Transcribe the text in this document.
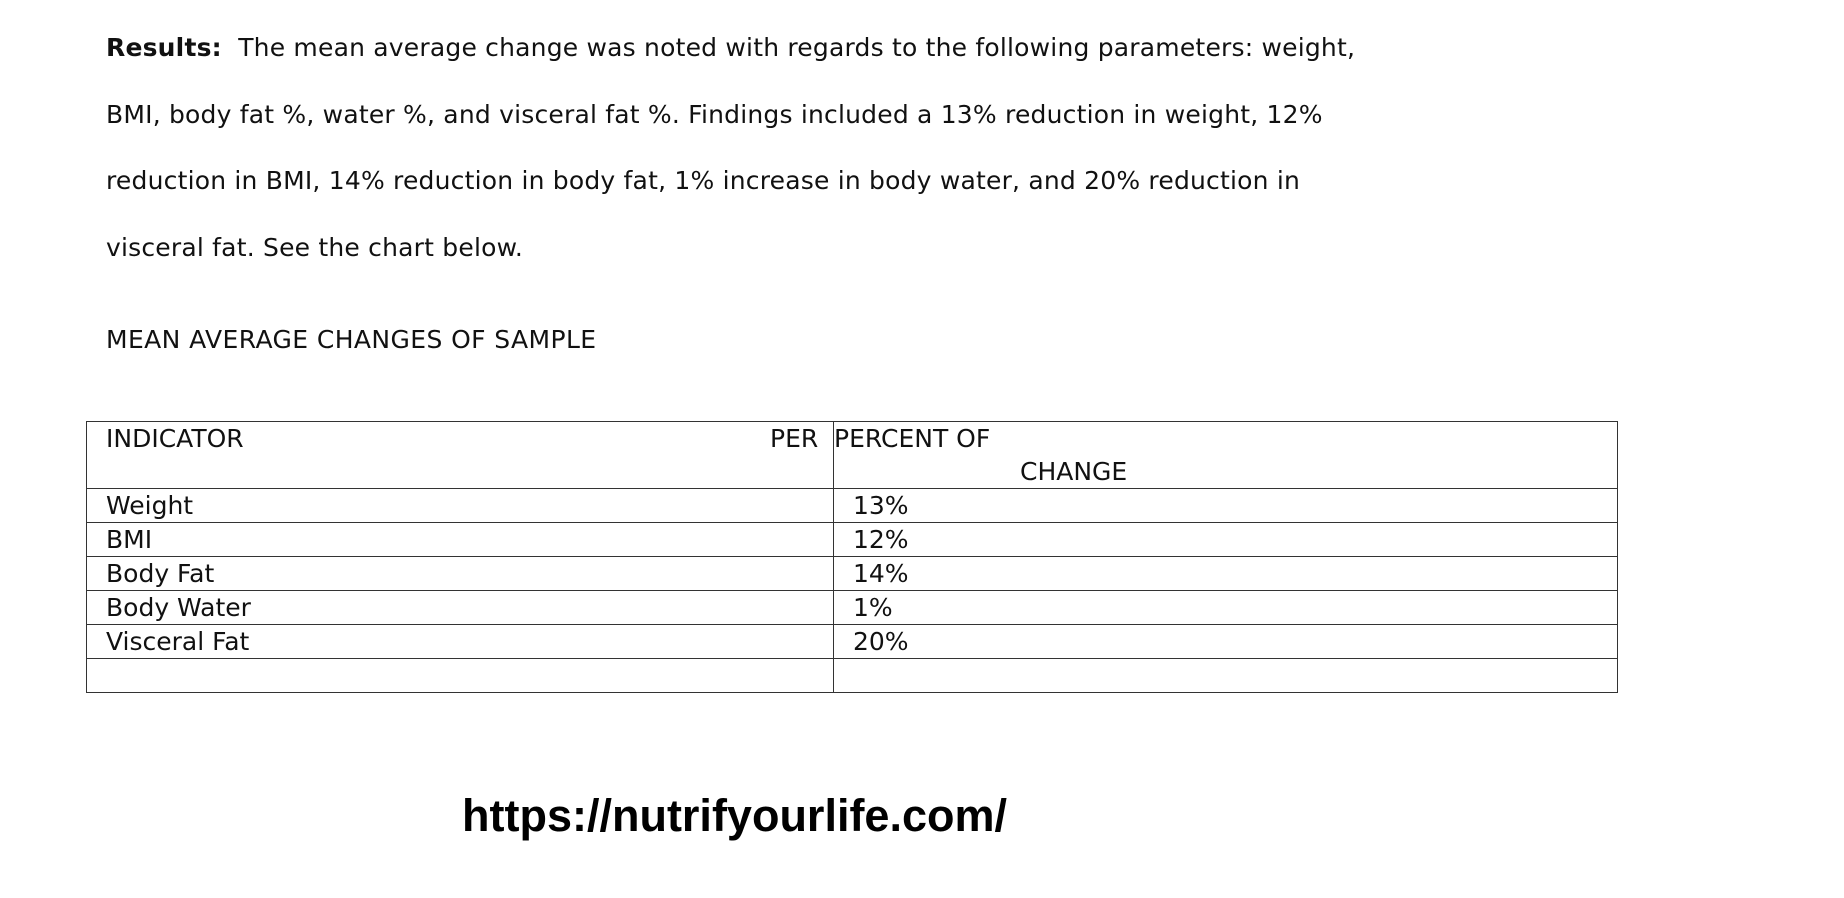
Results: The mean average change was noted with regards to the following parameters: weight,
BMI, body fat %, water %, and visceral fat %. Findings included a 13% reduction in weight, 12%
reduction in BMI, 14% reduction in body fat, 1% increase in body water, and 20% reduction in
visceral fat. See the chart below.
MEAN AVERAGE CHANGES OF SAMPLE
INDICATOR PER	PERCENT OF
CHANGE

Weight	13%
BMI	12%
Body Fat	14%
Body Water	1%
Visceral Fat	20%

https://nutrifyourlife.com/
